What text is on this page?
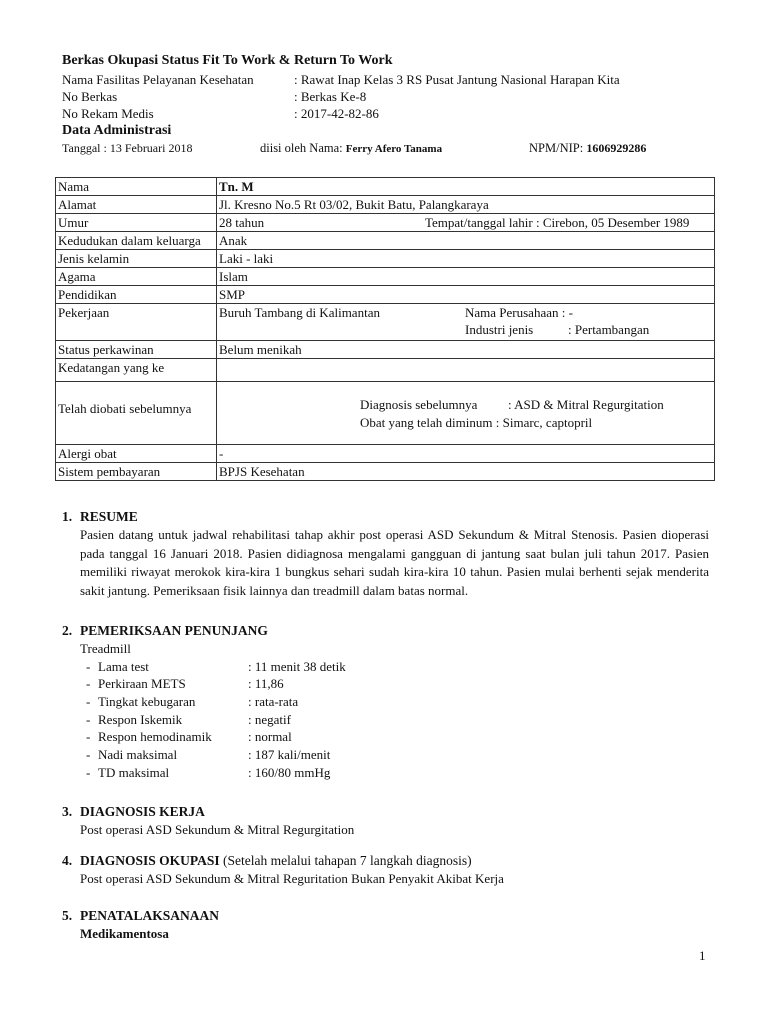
Berkas Okupasi Status Fit To Work & Return To Work
Nama Fasilitas Pelayanan Kesehatan	: Rawat Inap Kelas 3 RS Pusat Jantung Nasional Harapan Kita
No Berkas	: Berkas Ke-8
No Rekam Medis	: 2017-42-82-86
Data Administrasi
Tanggal : 13 Februari 2018	diisi oleh Nama: Ferry Afero Tanama	NPM/NIP: 1606929286
Nama	Tn. M
Alamat	Jl. Kresno No.5 Rt 03/02, Bukit Batu, Palangkaraya
Umur	28 tahun Tempat/tanggal lahir : Cirebon, 05 Desember 1989

Kedudukan dalam keluarga	Anak
Jenis kelamin	Laki - laki
Agama	Islam
Pendidikan	SMP
Pekerjaan	Buruh Tambang di Kalimantan Nama Perusahaan : -
Industri jenis : Pertambangan

Status perkawinan	Belum menikah
Kedatangan yang ke	

Telah diobati sebelumnya	Diagnosis sebelumnya : ASD & Mitral Regurgitation
Obat yang telah diminum : Simarc, captopril

Alergi obat	-
Sistem pembayaran	BPJS Kesehatan
1. RESUME
Pasien datang untuk jadwal rehabilitasi tahap akhir post operasi ASD Sekundum & Mitral Stenosis. Pasien dioperasi pada tanggal 16 Januari 2018. Pasien didiagnosa mengalami gangguan di jantung saat bulan juli tahun 2017. Pasien memiliki riwayat merokok kira-kira 1 bungkus sehari sudah kira-kira 10 tahun. Pasien mulai berhenti sejak menderita sakit jantung. Pemeriksaan fisik lainnya dan treadmill dalam batas normal.
2. PEMERIKSAAN PENUNJANG
Treadmill
- Lama test	: 11 menit 38 detik
- Perkiraan METS	: 11,86
- Tingkat kebugaran	: rata-rata
- Respon Iskemik	: negatif
- Respon hemodinamik	: normal
- Nadi maksimal	: 187 kali/menit
- TD maksimal	: 160/80 mmHg
3. DIAGNOSIS KERJA
Post operasi ASD Sekundum & Mitral Regurgitation
4. DIAGNOSIS OKUPASI (Setelah melalui tahapan 7 langkah diagnosis)
Post operasi ASD Sekundum & Mitral Reguritation Bukan Penyakit Akibat Kerja
5. PENATALAKSANAAN
Medikamentosa
1
